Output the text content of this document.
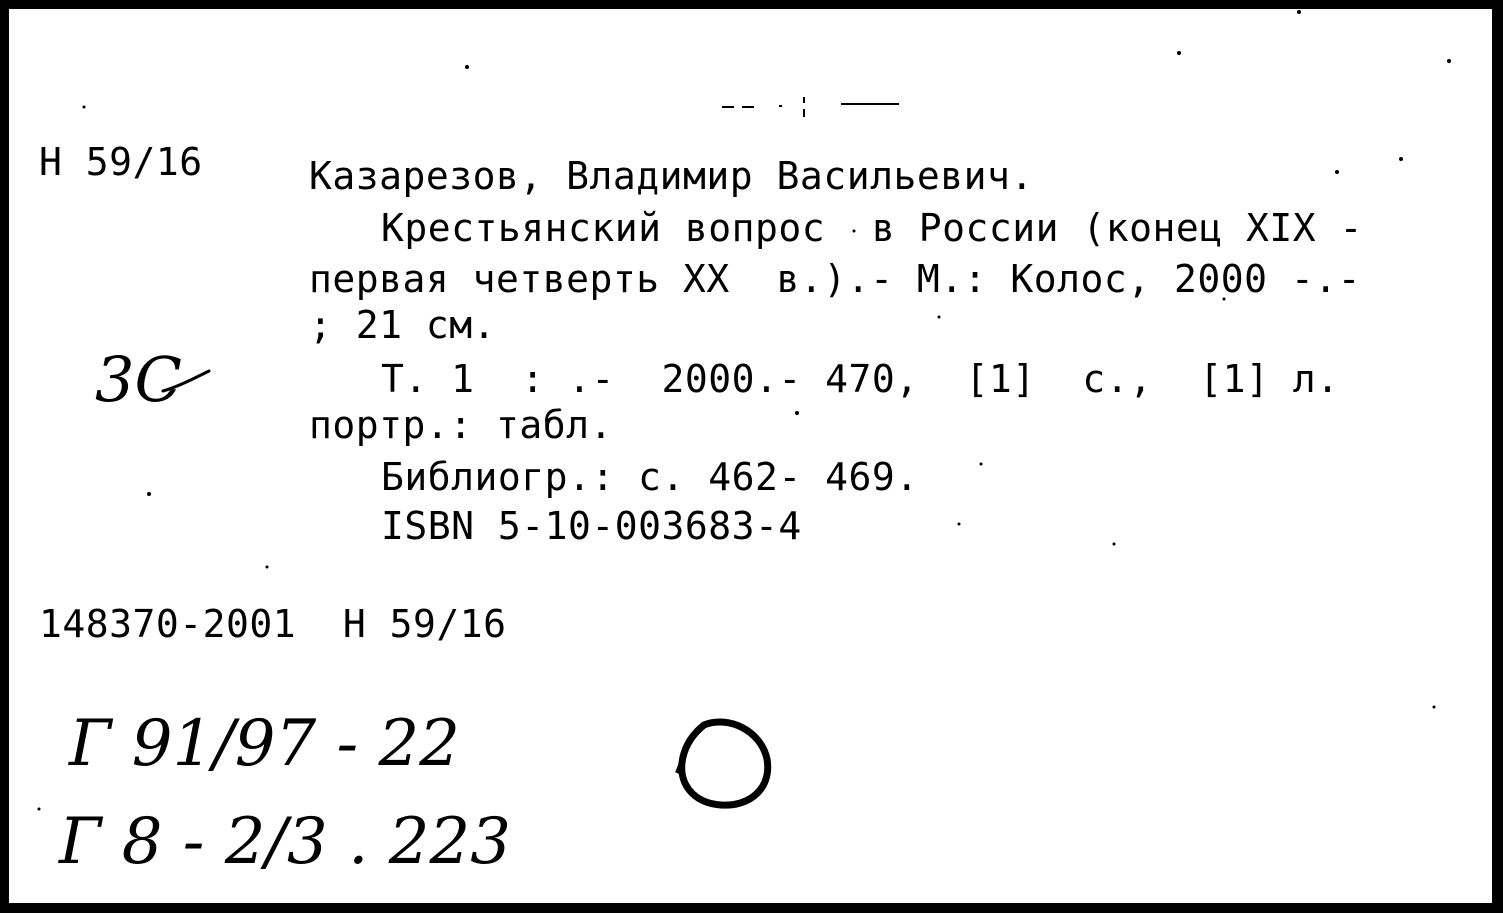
Н 59/16	Казарезов, Владимир Васильевич.
Крестьянский вопрос  в России (конец XIX -
первая четверть XX  в.).- М.: Колос, 2000 -.-
; 21 см.
Т. 1  : .-  2000.- 470,  [1]  с.,  [1] л.
портр.: табл.
Библиогр.: с. 462- 469.
ISBN 5-10-003683-4
148370-2001  Н 59/16
3С
Г 91/97 - 22
Г 8 - 2/3 . 223
